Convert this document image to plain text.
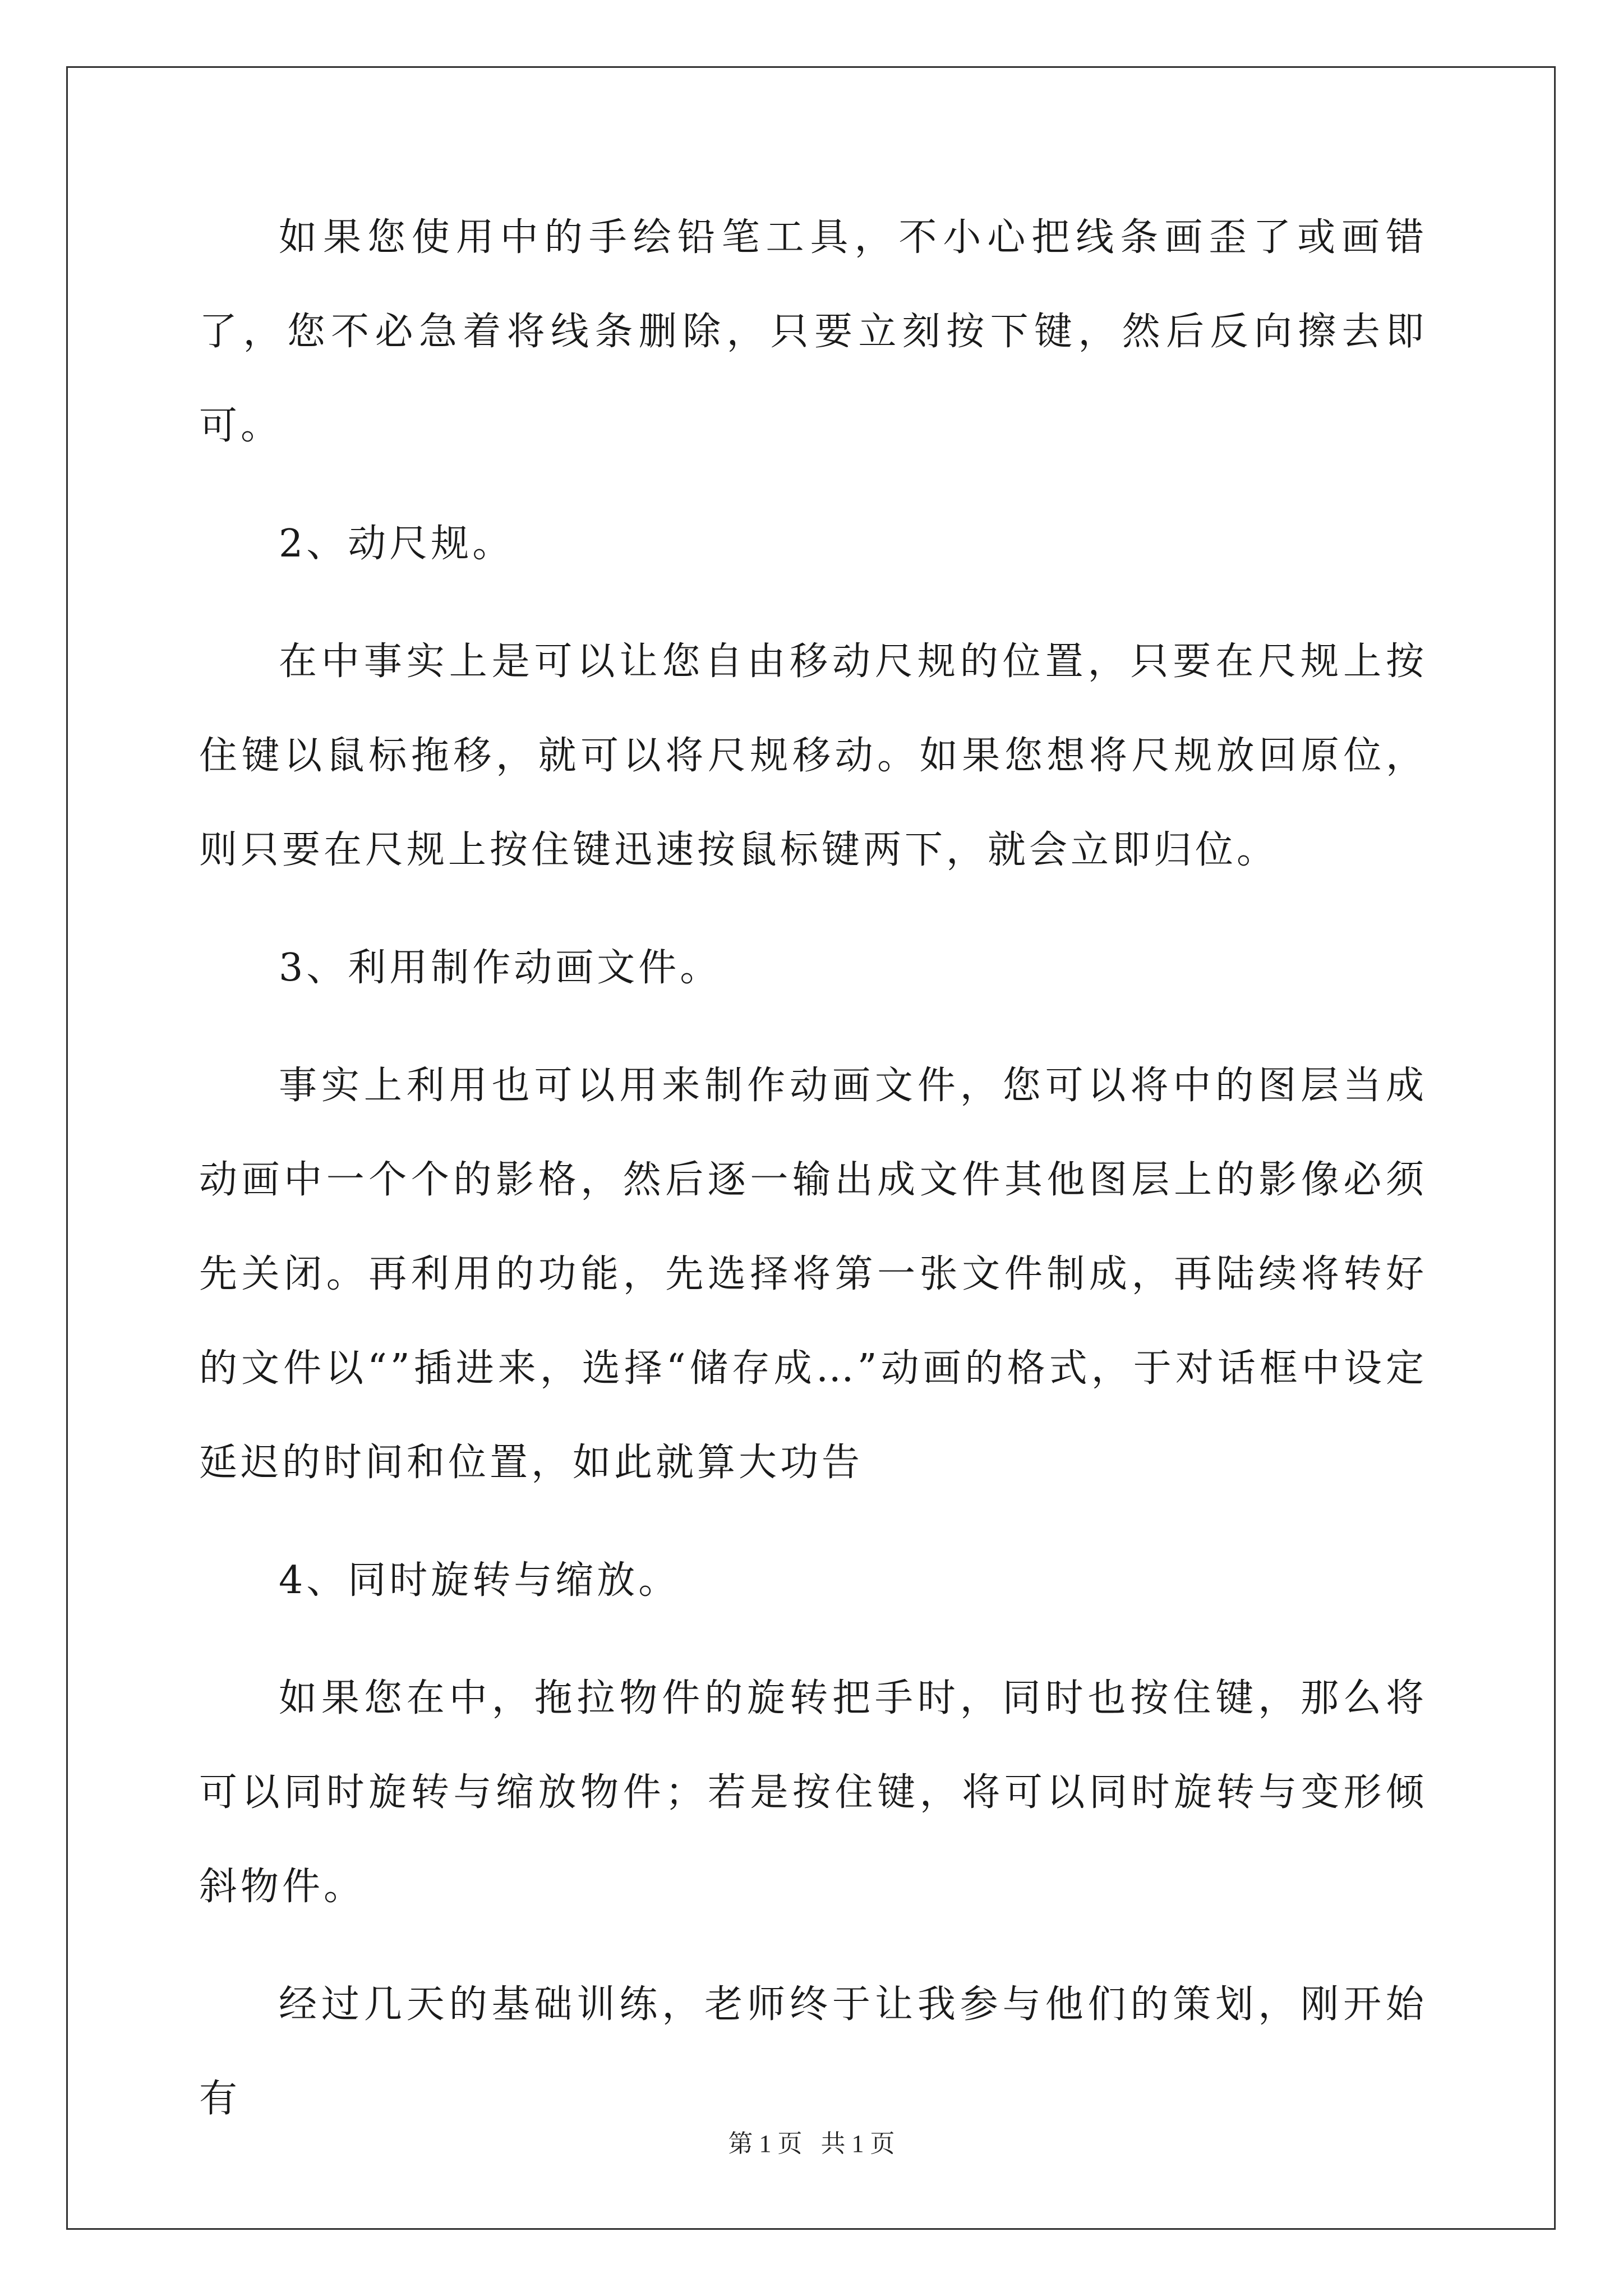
如果您使用中的手绘铅笔工具，不小心把线条画歪了或画错了，您不必急着将线条删除，只要立刻按下键，然后反向擦去即可。

2、动尺规。

在中事实上是可以让您自由移动尺规的位置，只要在尺规上按住键以鼠标拖移，就可以将尺规移动。如果您想将尺规放回原位，则只要在尺规上按住键迅速按鼠标键两下，就会立即归位。

3、利用制作动画文件。

事实上利用也可以用来制作动画文件，您可以将中的图层当成动画中一个个的影格，然后逐一输出成文件其他图层上的影像必须先关闭。再利用的功能，先选择将第一张文件制成，再陆续将转好的文件以“”插进来，选择“储存成…”动画的格式，于对话框中设定延迟的时间和位置，如此就算大功告

4、同时旋转与缩放。

如果您在中，拖拉物件的旋转把手时，同时也按住键，那么将可以同时旋转与缩放物件；若是按住键，将可以同时旋转与变形倾斜物件。

经过几天的基础训练，老师终于让我参与他们的策划，刚开始有

第 1 页 共 1 页
